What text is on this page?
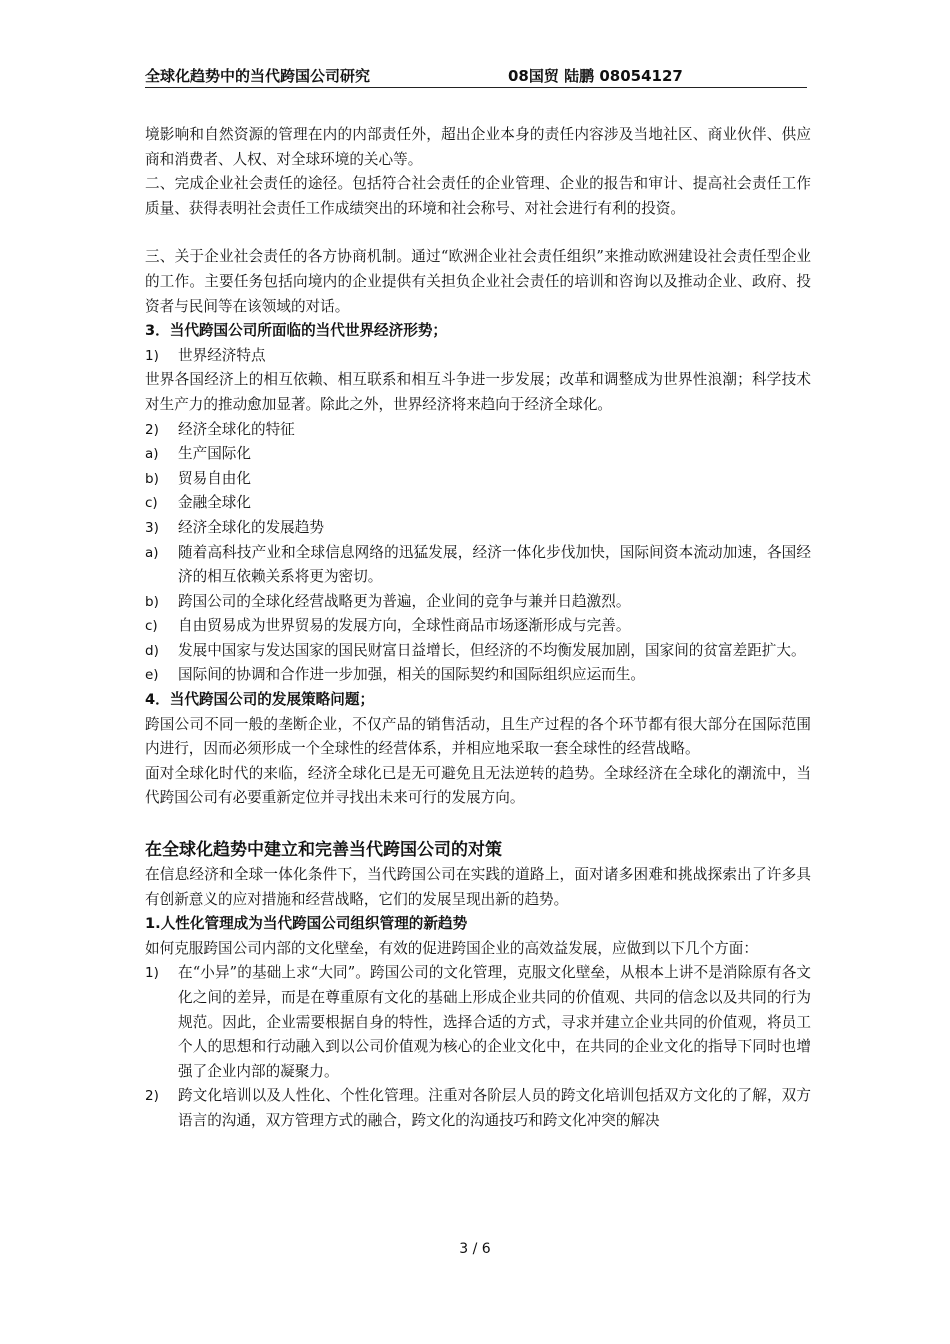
全球化趋势中的当代跨国公司研究	08国贸 陆鹏 08054127

境影响和自然资源的管理在内的内部责任外，超出企业本身的责任内容涉及当地社区、商业伙伴、供应商和消费者、人权、对全球环境的关心等。

二、完成企业社会责任的途径。包括符合社会责任的企业管理、企业的报告和审计、提高社会责任工作质量、获得表明社会责任工作成绩突出的环境和社会称号、对社会进行有利的投资。

三、关于企业社会责任的各方协商机制。通过“欧洲企业社会责任组织”来推动欧洲建设社会责任型企业的工作。主要任务包括向境内的企业提供有关担负企业社会责任的培训和咨询以及推动企业、政府、投资者与民间等在该领域的对话。

3．当代跨国公司所面临的当代世界经济形势；

1)	世界经济特点

世界各国经济上的相互依赖、相互联系和相互斗争进一步发展；改革和调整成为世界性浪潮；科学技术对生产力的推动愈加显著。除此之外，世界经济将来趋向于经济全球化。

2)	经济全球化的特征
a)	生产国际化
b)	贸易自由化
c)	金融全球化
3)	经济全球化的发展趋势
a)	随着高科技产业和全球信息网络的迅猛发展，经济一体化步伐加快，国际间资本流动加速，各国经济的相互依赖关系将更为密切。
b)	跨国公司的全球化经营战略更为普遍，企业间的竞争与兼并日趋激烈。
c)	自由贸易成为世界贸易的发展方向，全球性商品市场逐渐形成与完善。
d)	发展中国家与发达国家的国民财富日益增长，但经济的不均衡发展加剧，国家间的贫富差距扩大。
e)	国际间的协调和合作进一步加强，相关的国际契约和国际组织应运而生。

4．当代跨国公司的发展策略问题；

跨国公司不同一般的垄断企业，不仅产品的销售活动，且生产过程的各个环节都有很大部分在国际范围内进行，因而必须形成一个全球性的经营体系，并相应地采取一套全球性的经营战略。

面对全球化时代的来临，经济全球化已是无可避免且无法逆转的趋势。全球经济在全球化的潮流中，当代跨国公司有必要重新定位并寻找出未来可行的发展方向。

在全球化趋势中建立和完善当代跨国公司的对策

在信息经济和全球一体化条件下，当代跨国公司在实践的道路上，面对诸多困难和挑战探索出了许多具有创新意义的应对措施和经营战略，它们的发展呈现出新的趋势。

1.人性化管理成为当代跨国公司组织管理的新趋势

如何克服跨国公司内部的文化壁垒，有效的促进跨国企业的高效益发展，应做到以下几个方面：

1)	在“小异”的基础上求“大同”。跨国公司的文化管理，克服文化壁垒，从根本上讲不是消除原有各文化之间的差异，而是在尊重原有文化的基础上形成企业共同的价值观、共同的信念以及共同的行为规范。因此，企业需要根据自身的特性，选择合适的方式，寻求并建立企业共同的价值观，将员工个人的思想和行动融入到以公司价值观为核心的企业文化中，在共同的企业文化的指导下同时也增强了企业内部的凝聚力。
2)	跨文化培训以及人性化、个性化管理。注重对各阶层人员的跨文化培训包括双方文化的了解，双方语言的沟通，双方管理方式的融合，跨文化的沟通技巧和跨文化冲突的解决
3 / 6
